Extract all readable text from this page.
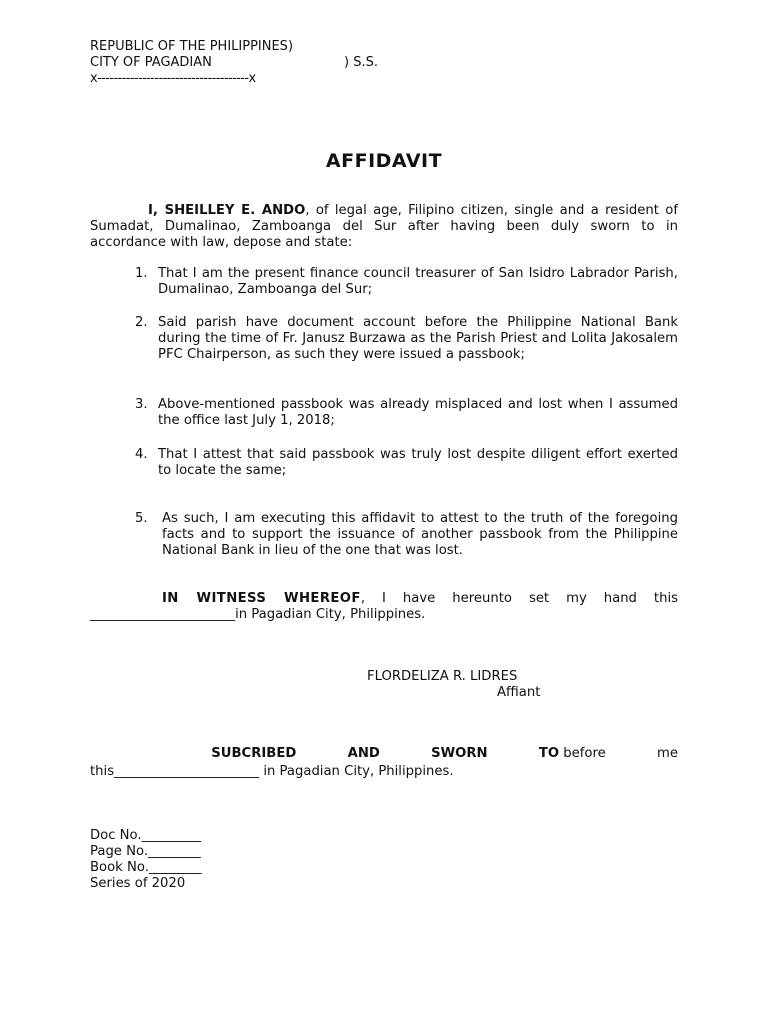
REPUBLIC OF THE PHILIPPINES)
CITY OF PAGADIAN	) S.S.
x-------------------------------------x
AFFIDAVIT
I, SHEILLEY E. ANDO, of legal age, Filipino citizen, single and a resident of Sumadat, Dumalinao, Zamboanga del Sur after having been duly sworn to in accordance with law, depose and state:
1. That I am the present finance council treasurer of San Isidro Labrador Parish, Dumalinao, Zamboanga del Sur;
2. Said parish have document account before the Philippine National Bank during the time of Fr. Janusz Burzawa as the Parish Priest and Lolita Jakosalem PFC Chairperson, as such they were issued a passbook;
3. Above-mentioned passbook was already misplaced and lost when I assumed the office last July 1, 2018;
4. That I attest that said passbook was truly lost despite diligent effort exerted to locate the same;
5. As such, I am executing this affidavit to attest to the truth of the foregoing facts and to support the issuance of another passbook from the Philippine National Bank in lieu of the one that was lost.
IN WITNESS WHEREOF, I have hereunto set my hand this ______________________in Pagadian City, Philippines.
FLORDELIZA R. LIDRES
Affiant
SUBCRIBED	AND	SWORN	TO before	me
this______________________ in Pagadian City, Philippines.
Doc No._________
Page No.________
Book No.________
Series of 2020
